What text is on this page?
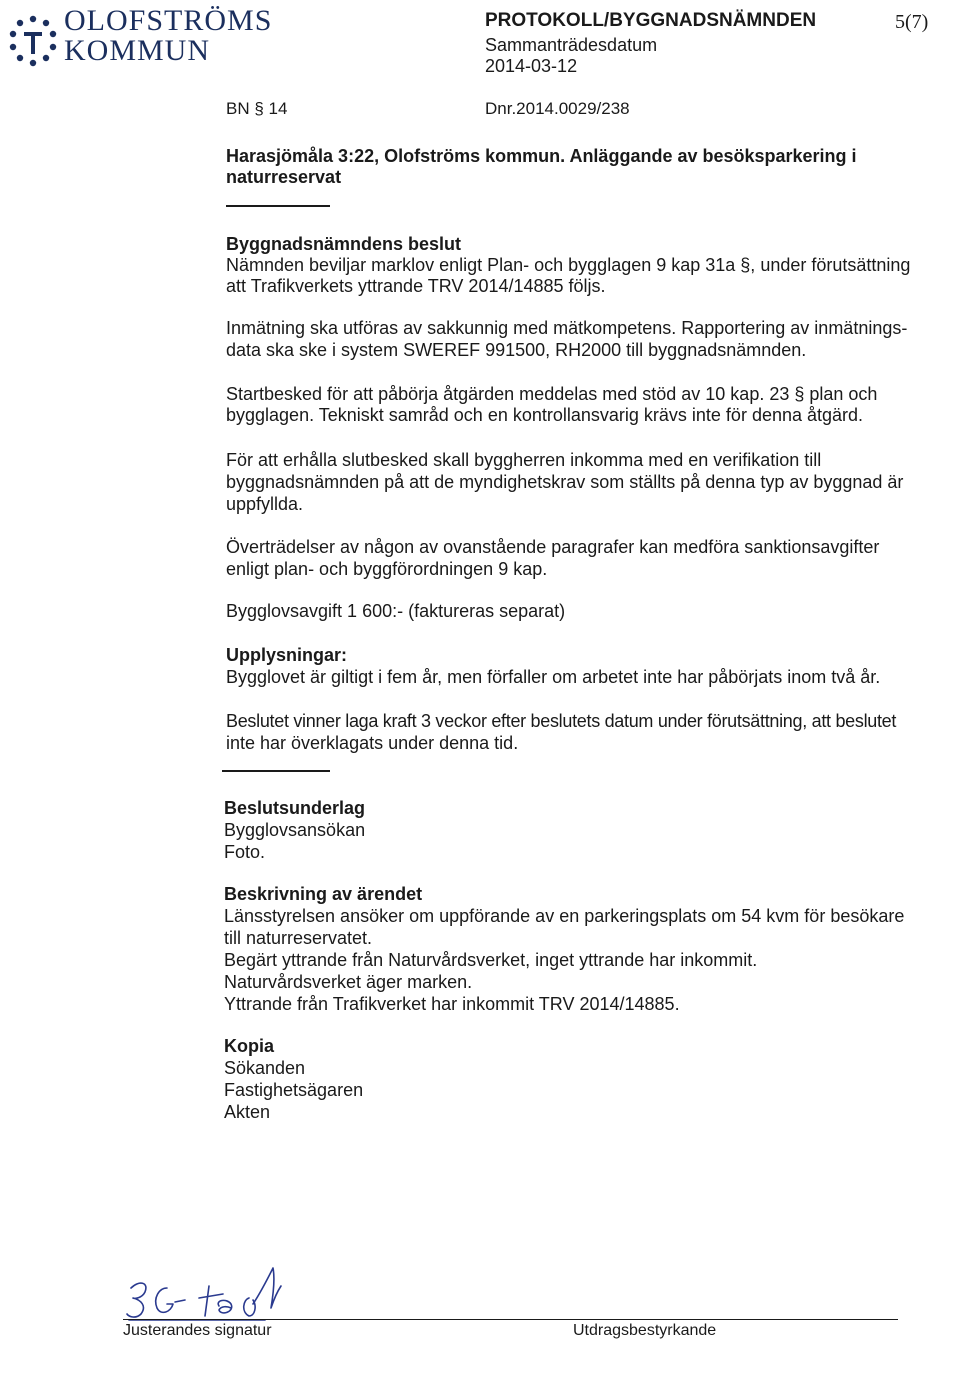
OLOFSTRÖMS
KOMMUN
PROTOKOLL/BYGGNADSNÄMNDEN
Sammanträdesdatum
2014-03-12
5(7)
BN § 14	Dnr.2014.0029/238
Harasjömåla 3:22, Olofströms kommun. Anläggande av besöksparkering i
naturreservat
Byggnadsnämndens beslut
Nämnden beviljar marklov enligt Plan- och bygglagen 9 kap 31a §, under förutsättning
att Trafikverkets yttrande TRV 2014/14885 följs.
Inmätning ska utföras av sakkunnig med mätkompetens. Rapportering av inmätnings-
data ska ske i system SWEREF 991500, RH2000 till byggnadsnämnden.
Startbesked för att påbörja åtgärden meddelas med stöd av 10 kap. 23 § plan och
bygglagen. Tekniskt samråd och en kontrollansvarig krävs inte för denna åtgärd.
För att erhålla slutbesked skall byggherren inkomma med en verifikation till
byggnadsnämnden på att de myndighetskrav som ställts på denna typ av byggnad är
uppfyllda.
Överträdelser av någon av ovanstående paragrafer kan medföra sanktionsavgifter
enligt plan- och byggförordningen 9 kap.
Bygglovsavgift 1 600:- (faktureras separat)
Upplysningar:
Bygglovet är giltigt i fem år, men förfaller om arbetet inte har påbörjats inom två år.
Beslutet vinner laga kraft 3 veckor efter beslutets datum under förutsättning, att beslutet
inte har överklagats under denna tid.
Beslutsunderlag
Bygglovsansökan
Foto.
Beskrivning av ärendet
Länsstyrelsen ansöker om uppförande av en parkeringsplats om 54 kvm för besökare
till naturreservatet.
Begärt yttrande från Naturvårdsverket, inget yttrande har inkommit.
Naturvårdsverket äger marken.
Yttrande från Trafikverket har inkommit TRV 2014/14885.
Kopia
Sökanden
Fastighetsägaren
Akten
Justerandes signatur	Utdragsbestyrkande
